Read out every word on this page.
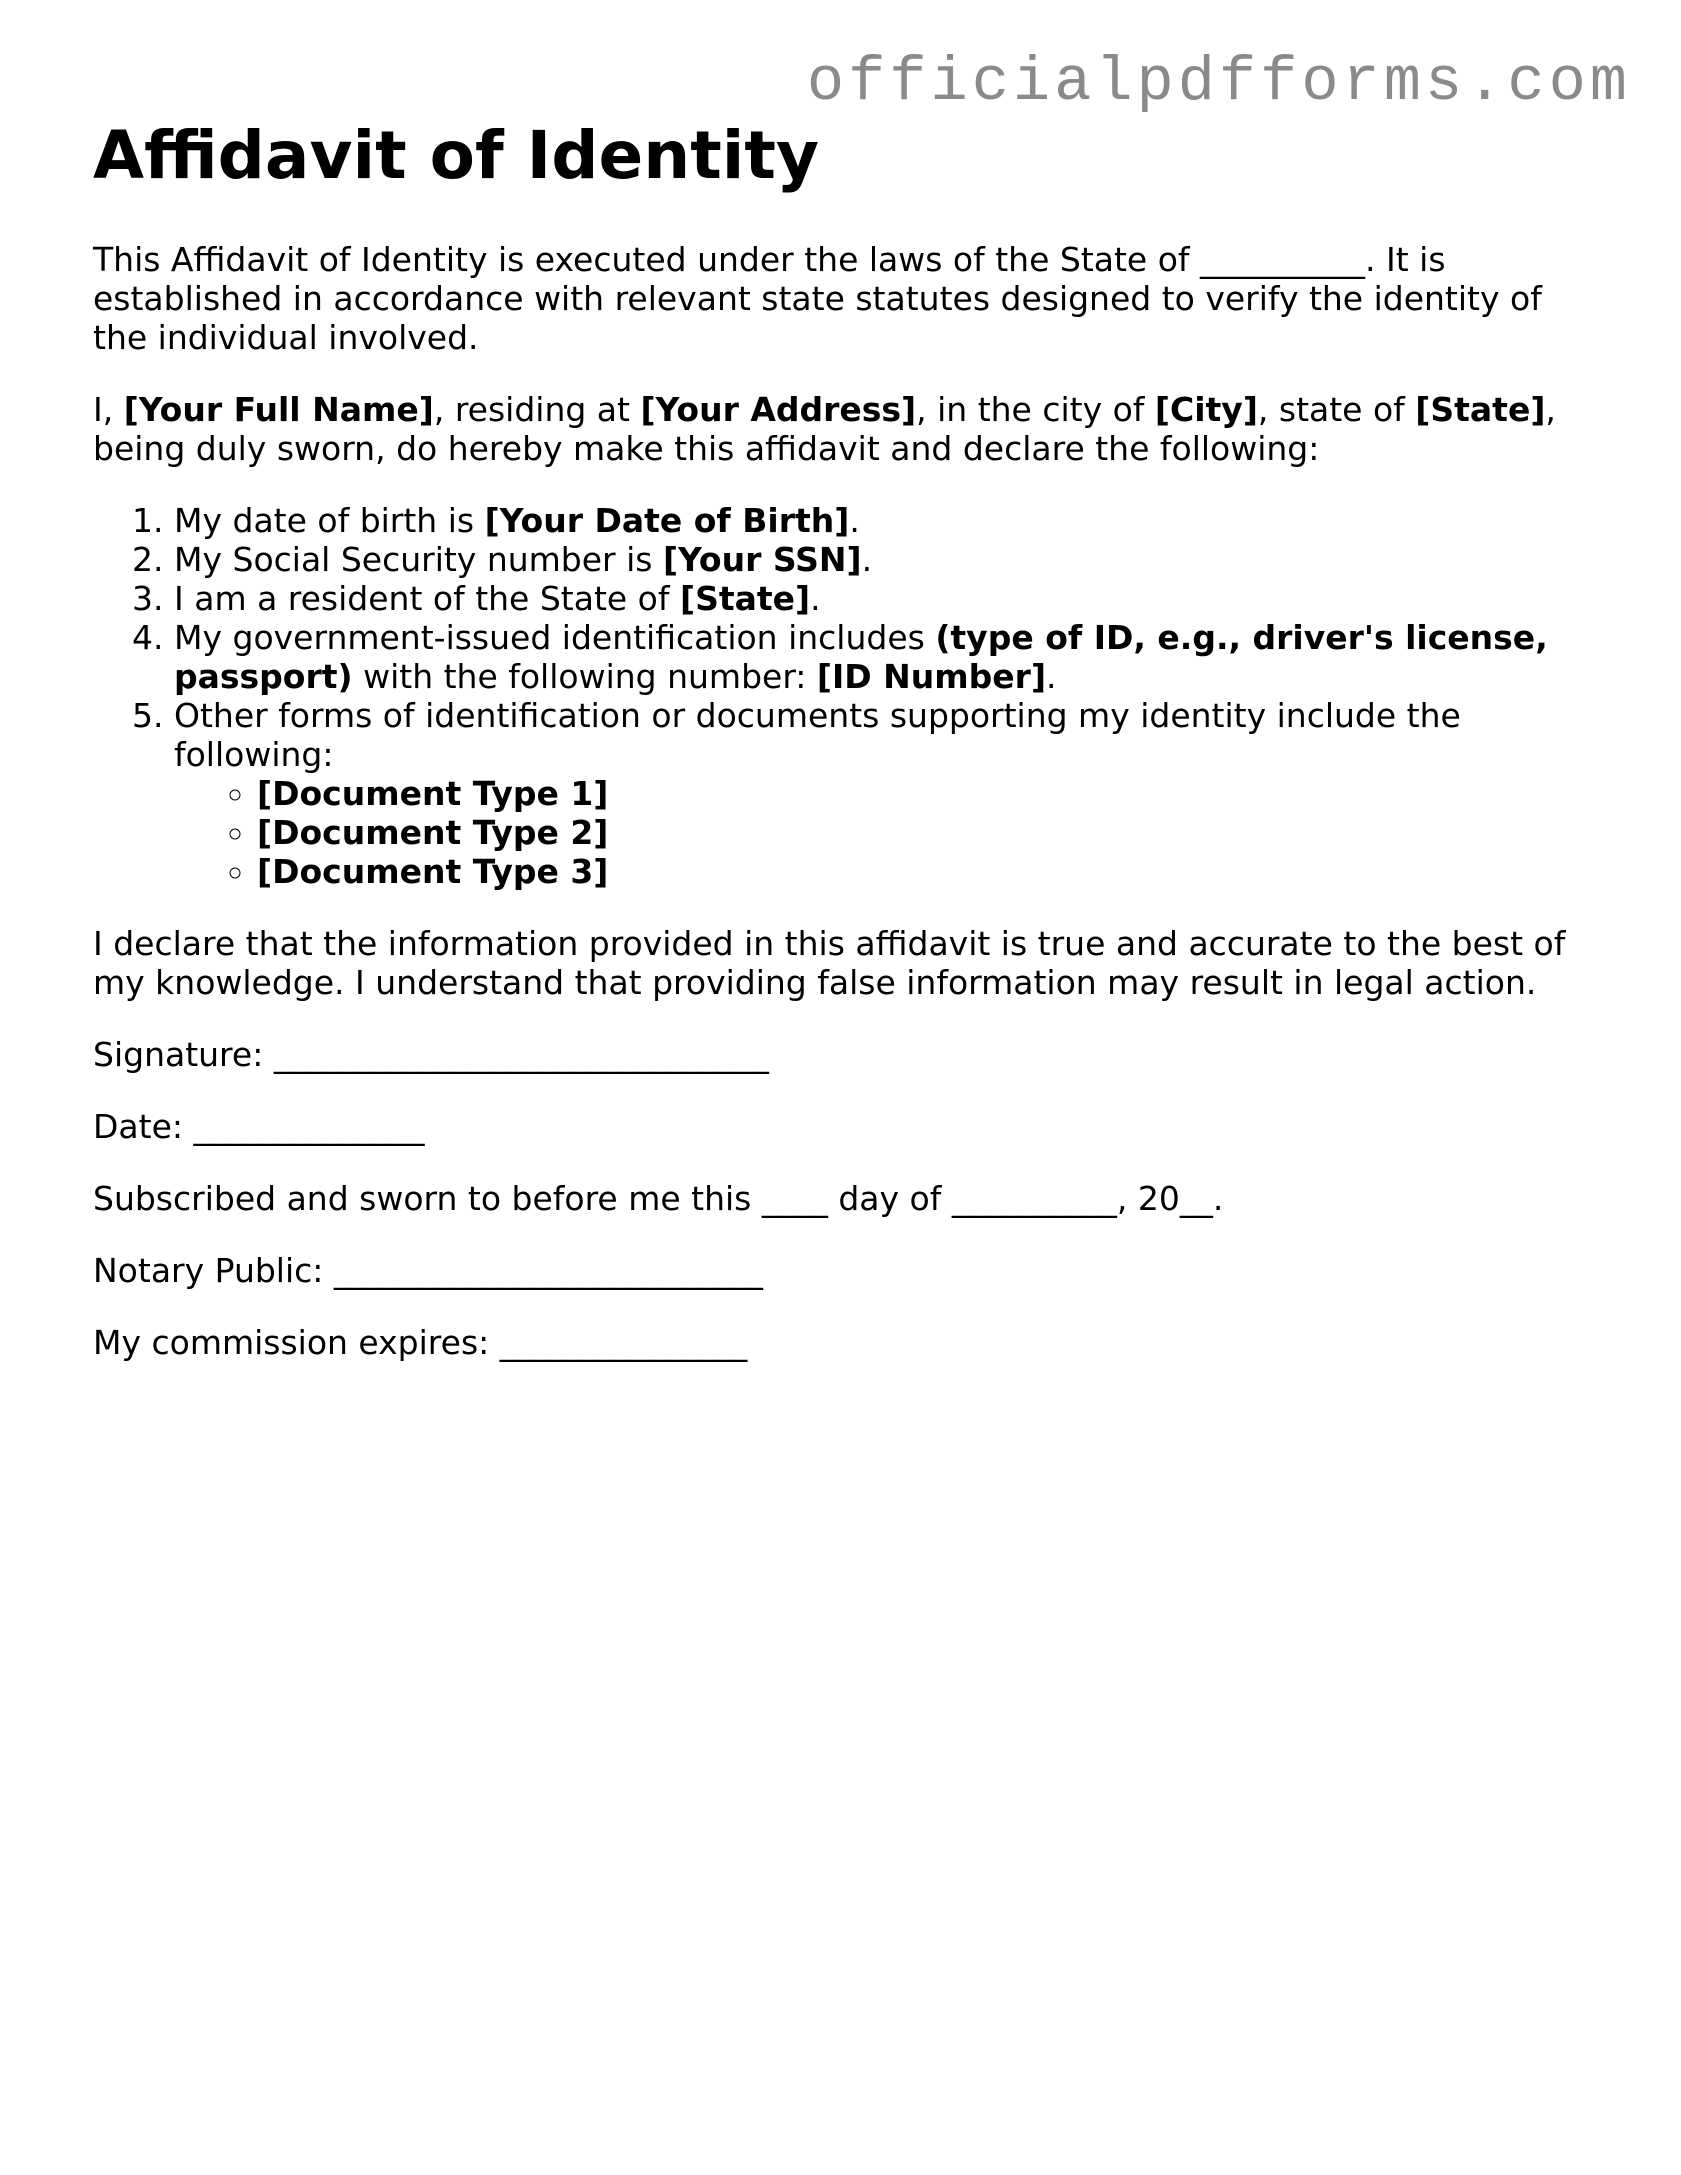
officialpdfforms.com
Affidavit of Identity

This Affidavit of Identity is executed under the laws of the State of __________. It is established in accordance with relevant state statutes designed to verify the identity of the individual involved.

I, [Your Full Name], residing at [Your Address], in the city of [City], state of [State], being duly sworn, do hereby make this affidavit and declare the following:

1. My date of birth is [Your Date of Birth].
2. My Social Security number is [Your SSN].
3. I am a resident of the State of [State].
4. My government-issued identification includes (type of ID, e.g., driver's license, passport) with the following number: [ID Number].
5. Other forms of identification or documents supporting my identity include the following:
◦ [Document Type 1]
◦ [Document Type 2]
◦ [Document Type 3]

I declare that the information provided in this affidavit is true and accurate to the best of my knowledge. I understand that providing false information may result in legal action.

Signature: ______________________________

Date: ______________

Subscribed and sworn to before me this ____ day of __________, 20__.

Notary Public: __________________________

My commission expires: _______________
